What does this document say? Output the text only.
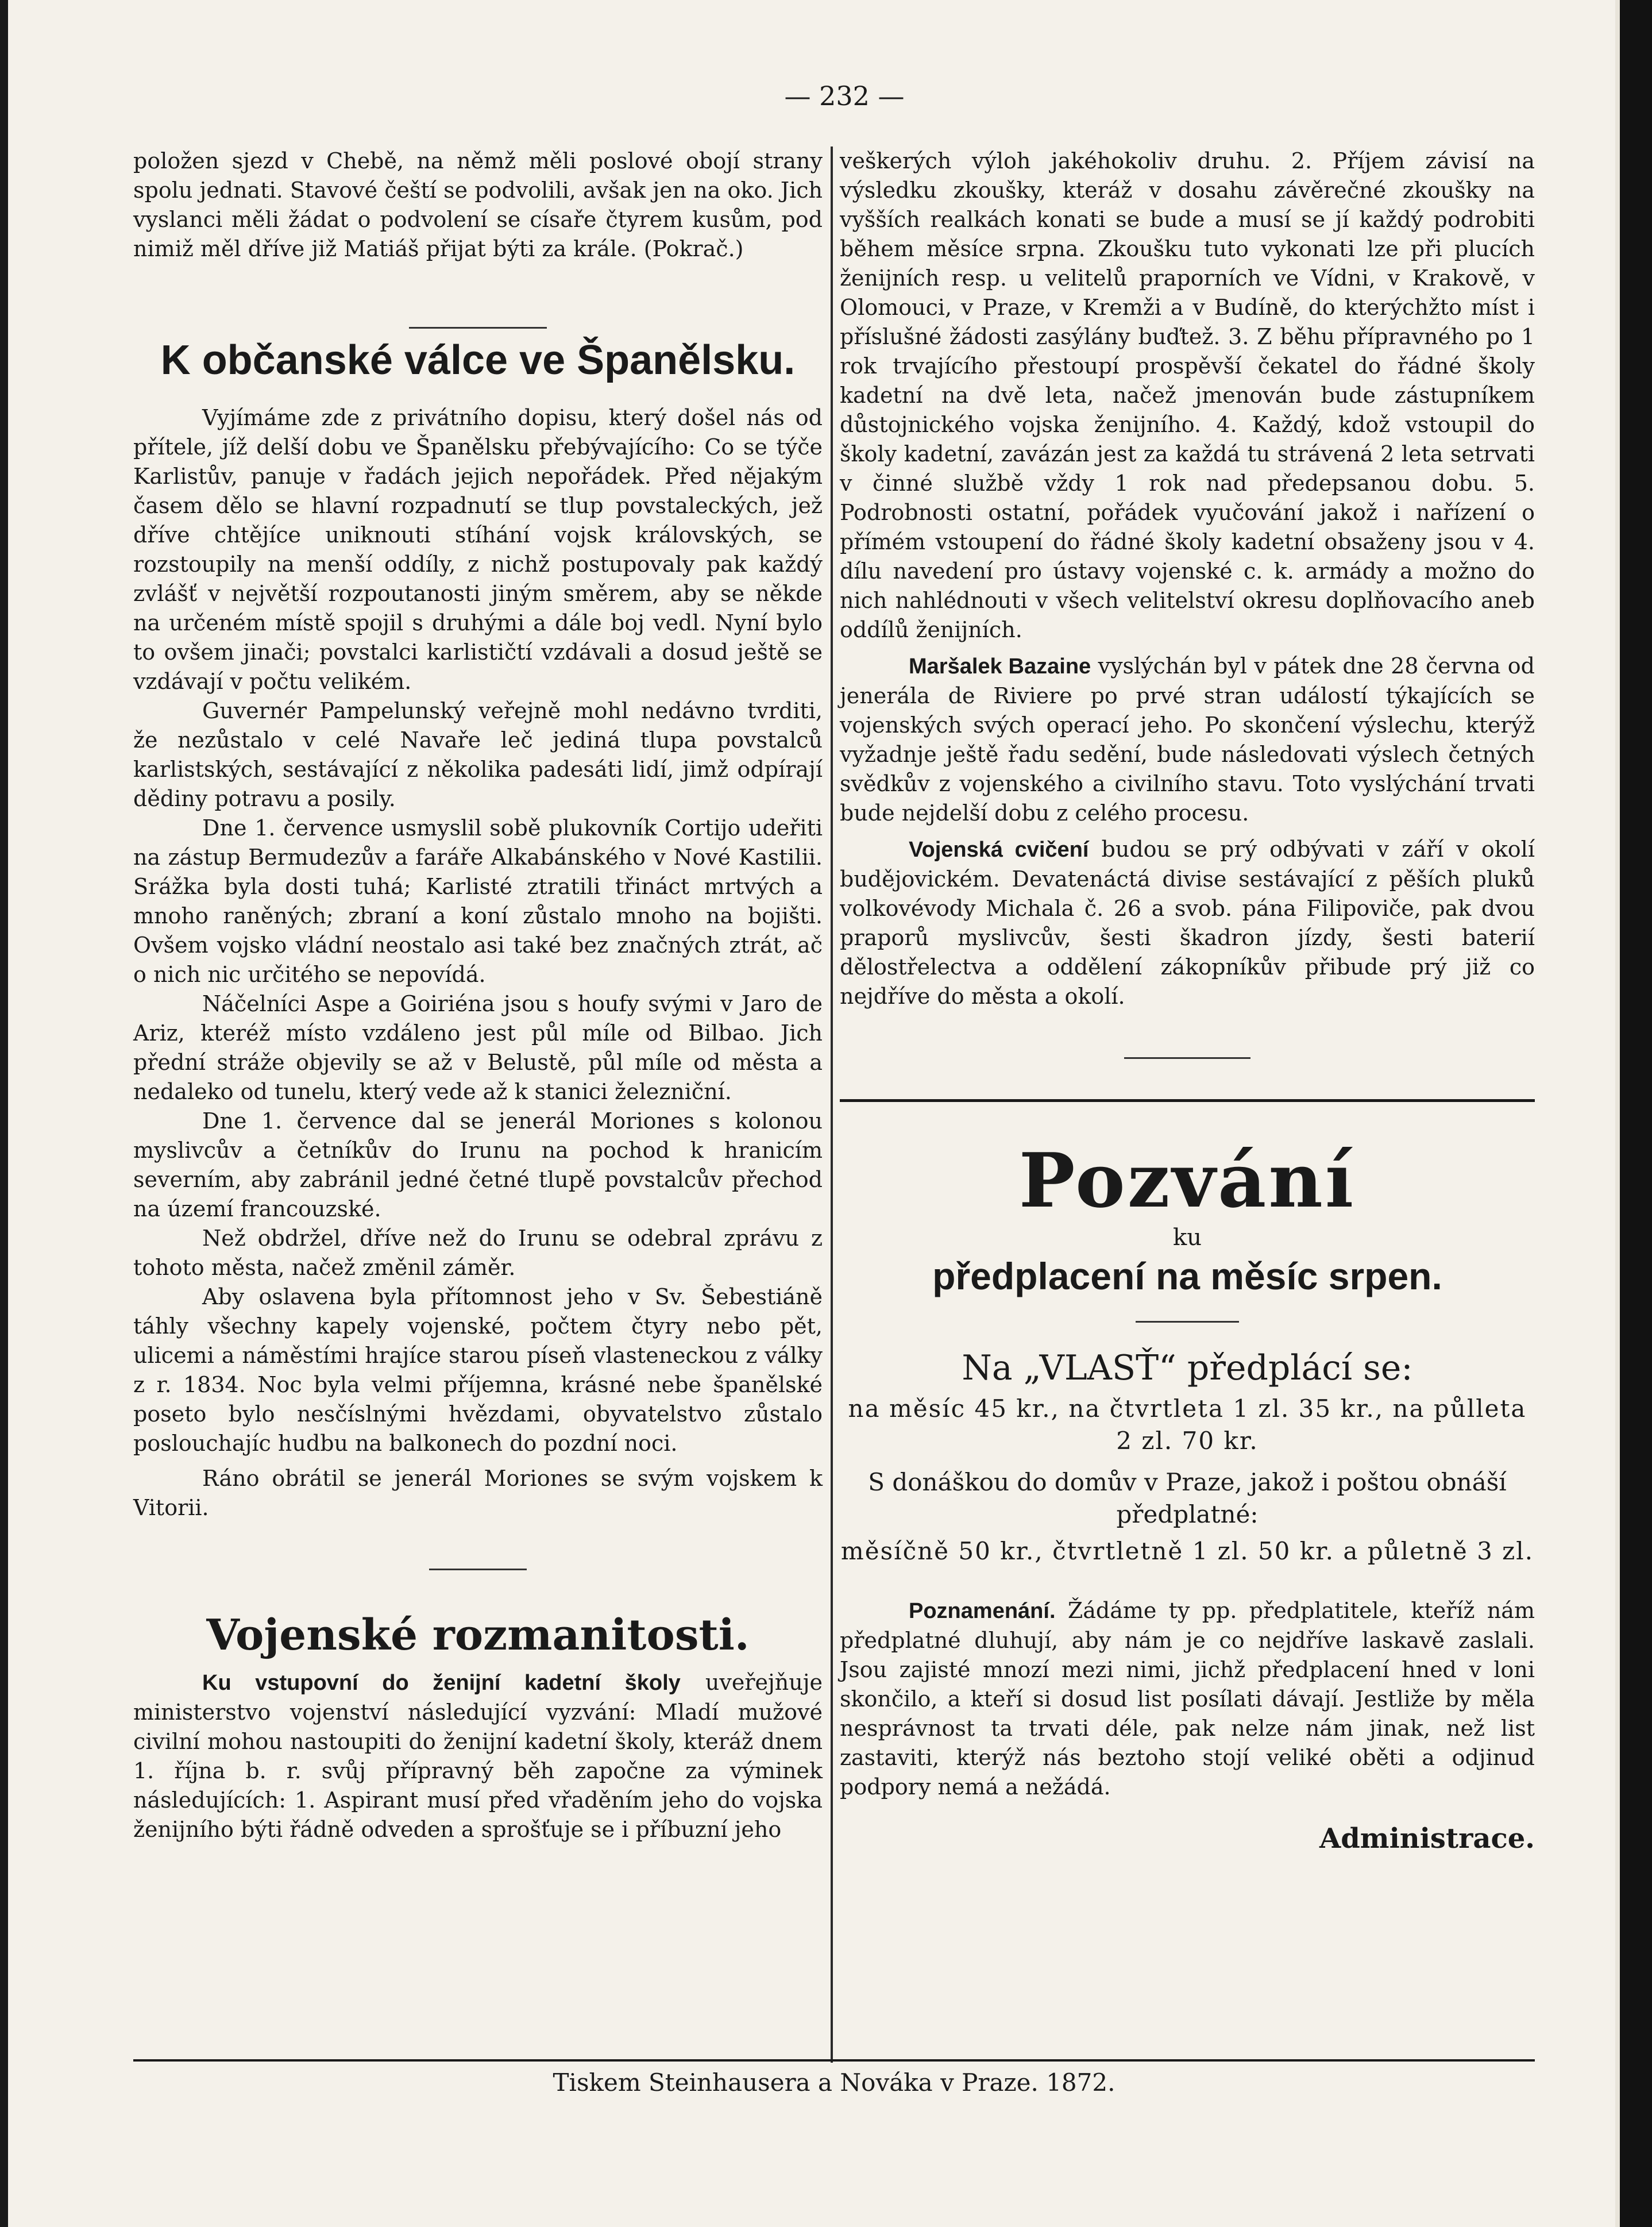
— 232 —

položen sjezd v Chebě, na němž měli poslové obojí strany spolu jednati. Stavové čeští se podvolili, avšak jen na oko. Jich vyslanci měli žádat o podvolení se císaře čtyrem kusům, pod nimiž měl dříve již Matiáš přijat býti za krále. (Pokrač.)

K občanské válce ve Španělsku.

Vyjímáme zde z privátního dopisu, který došel nás od přítele, jíž delší dobu ve Španělsku přebývajícího: Co se týče Karlistův, panuje v řadách jejich nepořádek. Před nějakým časem dělo se hlavní rozpadnutí se tlup povstaleckých, jež dříve chtějíce uniknouti stíhání vojsk královských, se rozstoupily na menší oddíly, z nichž postupovaly pak každý zvlášť v největší rozpoutanosti jiným směrem, aby se někde na určeném místě spojil s druhými a dále boj vedl. Nyní bylo to ovšem jinači; povstalci karlističtí vzdávali a dosud ještě se vzdávají v počtu velikém.

Guvernér Pampelunský veřejně mohl nedávno tvrditi, že nezůstalo v celé Navaře leč jediná tlupa povstalců karlistských, sestávající z několika padesáti lidí, jimž odpírají dědiny potravu a posily.

Dne 1. července usmyslil sobě plukovník Cortijo udeřiti na zástup Bermudezův a faráře Alkabánského v Nové Kastilii. Srážka byla dosti tuhá; Karlisté ztratili třináct mrtvých a mnoho raněných; zbraní a koní zůstalo mnoho na bojišti. Ovšem vojsko vládní neostalo asi také bez značných ztrát, ač o nich nic určitého se nepovídá.

Náčelníci Aspe a Goiriéna jsou s houfy svými v Jaro de Ariz, kteréž místo vzdáleno jest půl míle od Bilbao. Jich přední stráže objevily se až v Belustě, půl míle od města a nedaleko od tunelu, který vede až k stanici železniční.

Dne 1. července dal se jenerál Moriones s kolonou myslivcův a četníkův do Irunu na pochod k hranicím severním, aby zabránil jedné četné tlupě povstalcův přechod na území francouzské.

Než obdržel, dříve než do Irunu se odebral zprávu z tohoto města, načež změnil záměr.

Aby oslavena byla přítomnost jeho v Sv. Šebestiáně táhly všechny kapely vojenské, počtem čtyry nebo pět, ulicemi a náměstími hrajíce starou píseň vlasteneckou z války z r. 1834. Noc byla velmi příjemna, krásné nebe španělské poseto bylo nesčíslnými hvězdami, obyvatelstvo zůstalo poslouchajíc hudbu na balkonech do pozdní noci.

Ráno obrátil se jenerál Moriones se svým vojskem k Vitorii.

Vojenské rozmanitosti.

Ku vstupovní do ženijní kadetní školy uveřejňuje ministerstvo vojenství následující vyzvání: Mladí mužové civilní mohou nastoupiti do ženijní kadetní školy, kteráž dnem 1. října b. r. svůj přípravný běh započne za výminek následujících: 1. Aspirant musí před vřaděním jeho do vojska ženijního býti řádně odveden a sprošťuje se i příbuzní jeho

veškerých výloh jakéhokoliv druhu. 2. Příjem závisí na výsledku zkoušky, kteráž v dosahu závěrečné zkoušky na vyšších realkách konati se bude a musí se jí každý podrobiti během měsíce srpna. Zkoušku tuto vykonati lze při plucích ženijních resp. u velitelů praporních ve Vídni, v Krakově, v Olomouci, v Praze, v Kremži a v Budíně, do kterýchžto míst i příslušné žádosti zasýlány buďtež. 3. Z běhu přípravného po 1 rok trvajícího přestoupí prospěvší čekatel do řádné školy kadetní na dvě leta, načež jmenován bude zástupníkem důstojnického vojska ženijního. 4. Každý, kdož vstoupil do školy kadetní, zavázán jest za každá tu strávená 2 leta setrvati v činné službě vždy 1 rok nad předepsanou dobu. 5. Podrobnosti ostatní, pořádek vyučování jakož i nařízení o přímém vstoupení do řádné školy kadetní obsaženy jsou v 4. dílu navedení pro ústavy vojenské c. k. armády a možno do nich nahlédnouti v všech velitelství okresu doplňovacího aneb oddílů ženijních.

Maršalek Bazaine vyslýchán byl v pátek dne 28 června od jenerála de Riviere po prvé stran událostí týkajících se vojenských svých operací jeho. Po skončení výslechu, kterýž vyžadnje ještě řadu sedění, bude následovati výslech četných svědkův z vojenského a civilního stavu. Toto vyslýchání trvati bude nejdelší dobu z celého procesu.

Vojenská cvičení budou se prý odbývati v září v okolí budějovickém. Devatenáctá divise sestávající z pěších pluků volkovévody Michala č. 26 a svob. pána Filipoviče, pak dvou praporů myslivcův, šesti škadron jízdy, šesti baterií dělostřelectva a oddělení zákopníkův přibude prý již co nejdříve do města a okolí.

Pozvání
ku
předplacení na měsíc srpen.
Na „VLASŤ“ předplácí se:
na měsíc 45 kr., na čtvrtleta 1 zl. 35 kr., na půlleta 2 zl. 70 kr.
S donáškou do domův v Praze, jakož i poštou obnáší předplatné:
měsíčně 50 kr., čtvrtletně 1 zl. 50 kr. a půletně 3 zl.

Poznamenání. Žádáme ty pp. předplatitele, kteříž nám předplatné dluhují, aby nám je co nejdříve laskavě zaslali. Jsou zajisté mnozí mezi nimi, jichž předplacení hned v loni skončilo, a kteří si dosud list posílati dávají. Jestliže by měla nesprávnost ta trvati déle, pak nelze nám jinak, než list zastaviti, kterýž nás beztoho stojí veliké oběti a odjinud podpory nemá a nežádá.

Administrace.
Tiskem Steinhausera a Nováka v Praze. 1872.
